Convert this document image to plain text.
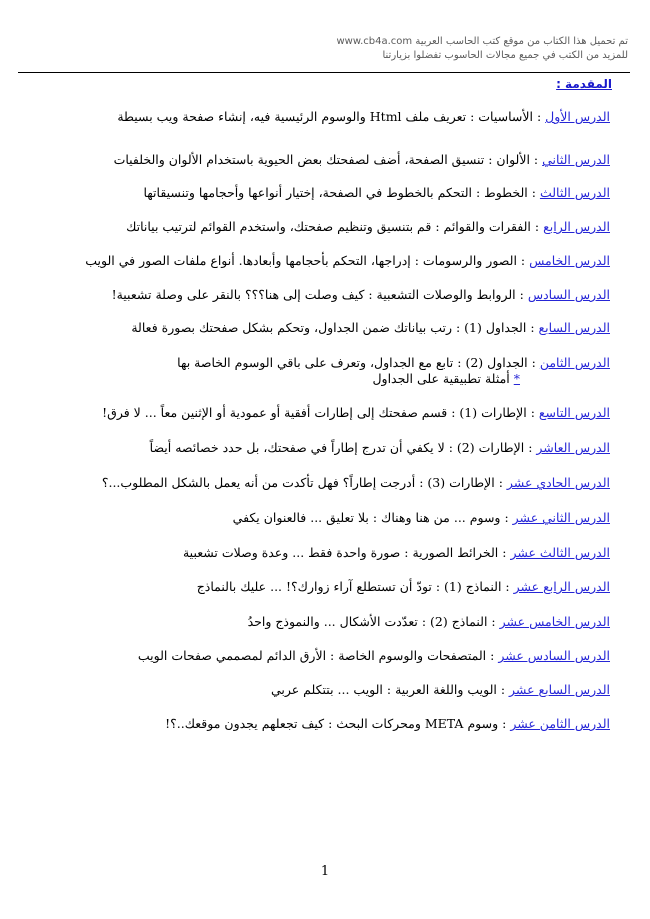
تم تحميل هذا الكتاب من موقع كتب الحاسب العربية www.cb4a.com
للمزيد من الكتب في جميع مجالات الحاسوب تفضلوا بزيارتنا
المقدمة :
الدرس الأول : الأساسيات : تعريف ملف Html والوسوم الرئيسية فيه، إنشاء صفحة ويب بسيطة
الدرس الثاني : الألوان : تنسيق الصفحة، أضف لصفحتك بعض الحيوية باستخدام الألوان والخلفيات
الدرس الثالث : الخطوط : التحكم بالخطوط في الصفحة، إختيار أنواعها وأحجامها وتنسيقاتها
الدرس الرابع : الفقرات والقوائم : قم بتنسيق وتنظيم صفحتك، واستخدم القوائم لترتيب بياناتك
الدرس الخامس : الصور والرسومات : إدراجها، التحكم بأحجامها وأبعادها. أنواع ملفات الصور في الويب
الدرس السادس : الروابط والوصلات التشعبية : كيف وصلت إلى هنا؟؟؟ بالنقر على وصلة تشعبية!
الدرس السابع : الجداول (1) : رتب بياناتك ضمن الجداول، وتحكم بشكل صفحتك بصورة فعالة
الدرس الثامن : الجداول (2) : تابع مع الجداول، وتعرف على باقي الوسوم الخاصة بها
* أمثلة تطبيقية على الجداول
الدرس التاسع : الإطارات (1) : قسم صفحتك إلى إطارات أفقية أو عمودية أو الإثنين معاً ... لا فرق!
الدرس العاشر : الإطارات (2) : لا يكفي أن تدرج إطاراً في صفحتك، بل حدد خصائصه أيضاً
الدرس الحادي عشر : الإطارات (3) : أدرجت إطاراً؟ فهل تأكدت من أنه يعمل بالشكل المطلوب...؟
الدرس الثاني عشر : وسوم ... من هنا وهناك : بلا تعليق ... فالعنوان يكفي
الدرس الثالث عشر : الخرائط الصورية : صورة واحدة فقط ... وعدة وصلات تشعبية
الدرس الرابع عشر : النماذج (1) : تودّ أن تستطلع آراء زوارك؟! ... عليك بالنماذج
الدرس الخامس عشر : النماذج (2) : تعدّدت الأشكال ... والنموذج واحدُ
الدرس السادس عشر : المتصفحات والوسوم الخاصة : الأرق الدائم لمصممي صفحات الويب
الدرس السابع عشر : الويب واللغة العربية : الويب ... بتتكلم عربي
الدرس الثامن عشر : وسوم META ومحركات البحث : كيف تجعلهم يجدون موقعك..؟!
1
